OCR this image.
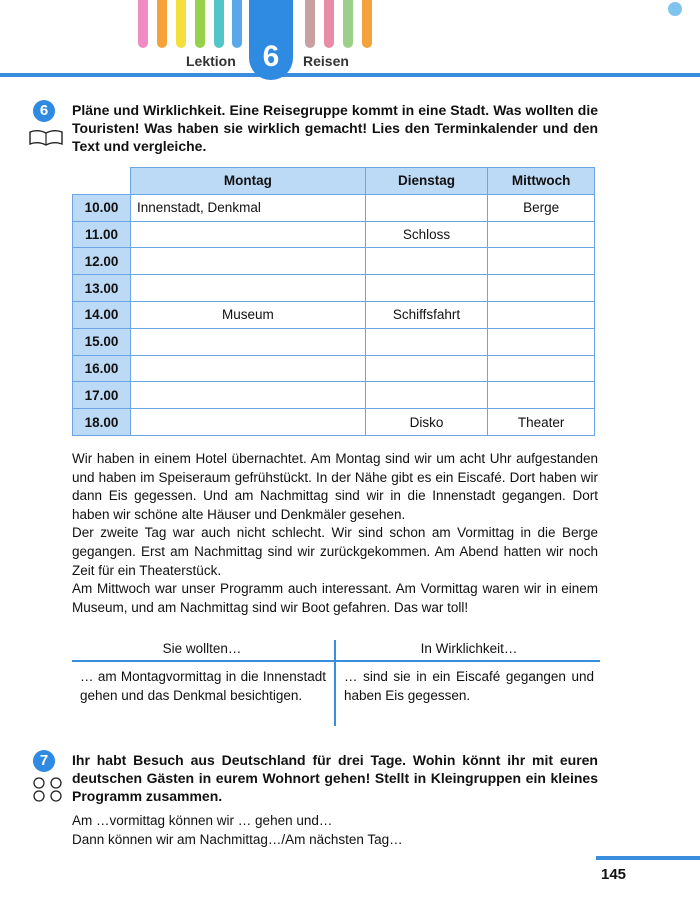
Lektion 6	Reisen
6	Pläne und Wirklichkeit. Eine Reisegruppe kommt in eine Stadt. Was wollten die Touristen! Was haben sie wirklich gemacht! Lies den Terminkalender und den Text und vergleiche.
	Montag	Dienstag	Mittwoch
10.00	Innenstadt, Denkmal		Berge
11.00		Schloss	
12.00			
13.00			
14.00	Museum	Schiffsfahrt	
15.00			
16.00			
17.00			
18.00		Disko	Theater
Wir haben in einem Hotel übernachtet. Am Montag sind wir um acht Uhr aufgestanden und haben im Speiseraum gefrühstückt. In der Nähe gibt es ein Eiscafé. Dort haben wir dann Eis gegessen. Und am Nachmittag sind wir in die Innenstadt gegangen. Dort haben wir schöne alte Häuser und Denkmäler gesehen.
Der zweite Tag war auch nicht schlecht. Wir sind schon am Vormittag in die Berge gegangen. Erst am Nachmittag sind wir zurückgekommen. Am Abend hatten wir noch Zeit für ein Theaterstück.
Am Mittwoch war unser Programm auch interessant. Am Vormittag waren wir in einem Museum, und am Nachmittag sind wir Boot gefahren. Das war toll!
Sie wollten…	In Wirklichkeit…
… am Montagvormittag in die Innenstadt gehen und das Denkmal besichtigen.
… sind sie in ein Eiscafé gegangen und haben Eis gegessen.
7	Ihr habt Besuch aus Deutschland für drei Tage. Wohin könnt ihr mit euren deutschen Gästen in eurem Wohnort gehen! Stellt in Kleingruppen ein kleines Programm zusammen.
Am …vormittag können wir … gehen und…
Dann können wir am Nachmittag…/Am nächsten Tag…
145
